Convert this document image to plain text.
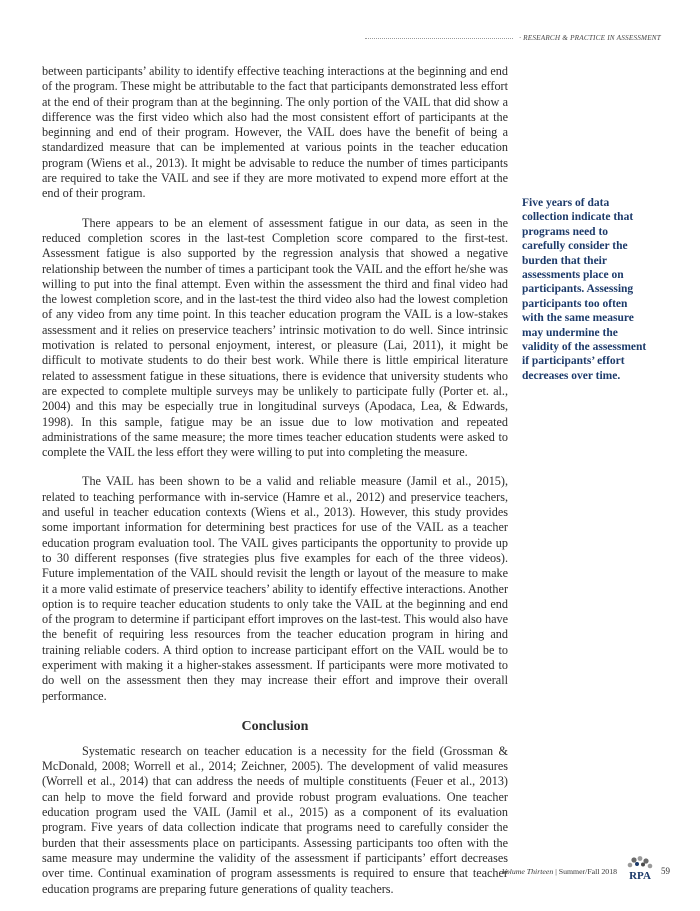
· RESEARCH & PRACTICE IN ASSESSMENT

between participants’ ability to identify effective teaching interactions at the beginning and end of the program. These might be attributable to the fact that participants demonstrated less effort at the end of their program than at the beginning. The only portion of the VAIL that did show a difference was the first video which also had the most consistent effort of participants at the beginning and end of their program. However, the VAIL does have the benefit of being a standardized measure that can be implemented at various points in the teacher education program (Wiens et al., 2013). It might be advisable to reduce the number of times participants are required to take the VAIL and see if they are more motivated to expend more effort at the end of their program.

There appears to be an element of assessment fatigue in our data, as seen in the reduced completion scores in the last-test Completion score compared to the first-test. Assessment fatigue is also supported by the regression analysis that showed a negative relationship between the number of times a participant took the VAIL and the effort he/she was willing to put into the final attempt. Even within the assessment the third and final video had the lowest completion score, and in the last-test the third video also had the lowest completion of any video from any time point. In this teacher education program the VAIL is a low-stakes assessment and it relies on preservice teachers’ intrinsic motivation to do well. Since intrinsic motivation is related to personal enjoyment, interest, or pleasure (Lai, 2011), it might be difficult to motivate students to do their best work. While there is little empirical literature related to assessment fatigue in these situations, there is evidence that university students who are expected to complete multiple surveys may be unlikely to participate fully (Porter et. al., 2004) and this may be especially true in longitudinal surveys (Apodaca, Lea, & Edwards, 1998). In this sample, fatigue may be an issue due to low motivation and repeated administrations of the same measure; the more times teacher education students were asked to complete the VAIL the less effort they were willing to put into completing the measure.

The VAIL has been shown to be a valid and reliable measure (Jamil et al., 2015), related to teaching performance with in-service (Hamre et al., 2012) and preservice teachers, and useful in teacher education contexts (Wiens et al., 2013). However, this study provides some important information for determining best practices for use of the VAIL as a teacher education program evaluation tool. The VAIL gives participants the opportunity to provide up to 30 different responses (five strategies plus five examples for each of the three videos). Future implementation of the VAIL should revisit the length or layout of the measure to make it a more valid estimate of preservice teachers’ ability to identify effective interactions. Another option is to require teacher education students to only take the VAIL at the beginning and end of the program to determine if participant effort improves on the last-test. This would also have the benefit of requiring less resources from the teacher education program in hiring and training reliable coders. A third option to increase participant effort on the VAIL would be to experiment with making it a higher-stakes assessment. If participants were more motivated to do well on the assessment then they may increase their effort and improve their overall performance.

Conclusion

Systematic research on teacher education is a necessity for the field (Grossman & McDonald, 2008; Worrell et al., 2014; Zeichner, 2005). The development of valid measures (Worrell et al., 2014) that can address the needs of multiple constituents (Feuer et al., 2013) can help to move the field forward and provide robust program evaluations. One teacher education program used the VAIL (Jamil et al., 2015) as a component of its evaluation program. Five years of data collection indicate that programs need to carefully consider the burden that their assessments place on participants. Assessing participants too often with the same measure may undermine the validity of the assessment if participants’ effort decreases over time. Continual examination of program assessments is required to ensure that teacher education programs are preparing future generations of quality teachers.

Five years of data collection indicate that programs need to carefully consider the burden that their assessments place on participants. Assessing participants too often with the same measure may undermine the validity of the assessment if participants’ effort decreases over time.
Volume Thirteen | Summer/Fall 2018 RPA 59
